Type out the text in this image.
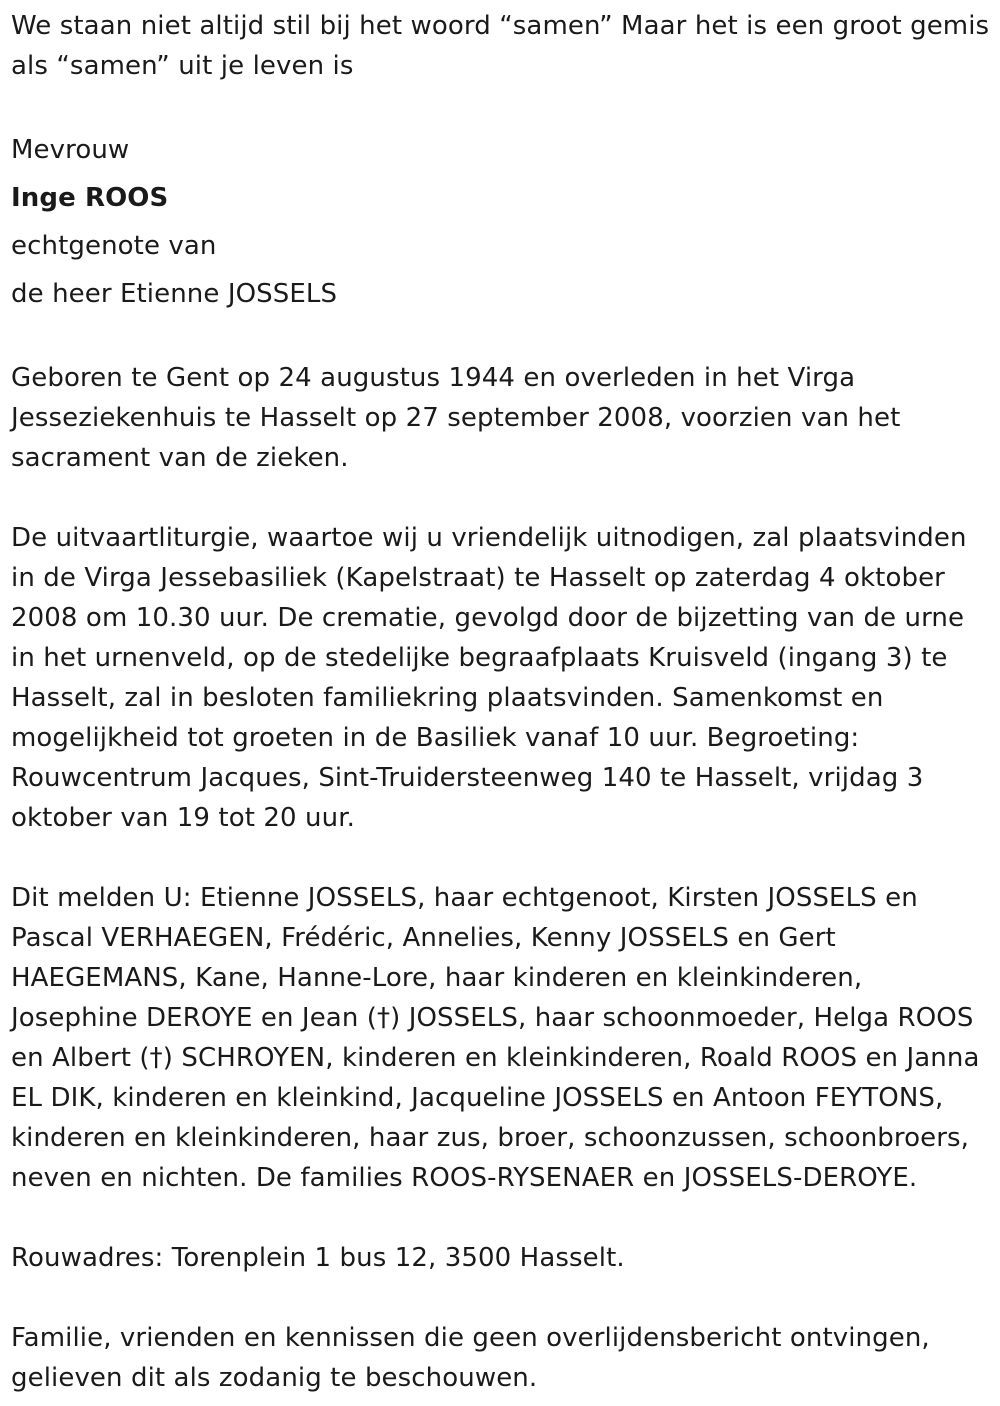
We staan niet altijd stil bij het woord “samen” Maar het is een groot gemis als “samen” uit je leven is

Mevrouw

Inge ROOS

echtgenote van

de heer Etienne JOSSELS

Geboren te Gent op 24 augustus 1944 en overleden in het Virga Jesseziekenhuis te Hasselt op 27 september 2008, voorzien van het sacrament van de zieken.

De uitvaartliturgie, waartoe wij u vriendelijk uitnodigen, zal plaatsvinden in de Virga Jessebasiliek (Kapelstraat) te Hasselt op zaterdag 4 oktober 2008 om 10.30 uur. De crematie, gevolgd door de bijzetting van de urne in het urnenveld, op de stedelijke begraafplaats Kruisveld (ingang 3) te Hasselt, zal in besloten familiekring plaatsvinden. Samenkomst en mogelijkheid tot groeten in de Basiliek vanaf 10 uur. Begroeting: Rouwcentrum Jacques, Sint-Truidersteenweg 140 te Hasselt, vrijdag 3 oktober van 19 tot 20 uur.

Dit melden U: Etienne JOSSELS, haar echtgenoot, Kirsten JOSSELS en Pascal VERHAEGEN, Frédéric, Annelies, Kenny JOSSELS en Gert HAEGEMANS, Kane, Hanne-Lore, haar kinderen en kleinkinderen, Josephine DEROYE en Jean (†) JOSSELS, haar schoonmoeder, Helga ROOS en Albert (†) SCHROYEN, kinderen en kleinkinderen, Roald ROOS en Janna EL DIK, kinderen en kleinkind, Jacqueline JOSSELS en Antoon FEYTONS, kinderen en kleinkinderen, haar zus, broer, schoonzussen, schoonbroers, neven en nichten. De families ROOS-RYSENAER en JOSSELS-DEROYE.

Rouwadres: Torenplein 1 bus 12, 3500 Hasselt.

Familie, vrienden en kennissen die geen overlijdensbericht ontvingen, gelieven dit als zodanig te beschouwen.
